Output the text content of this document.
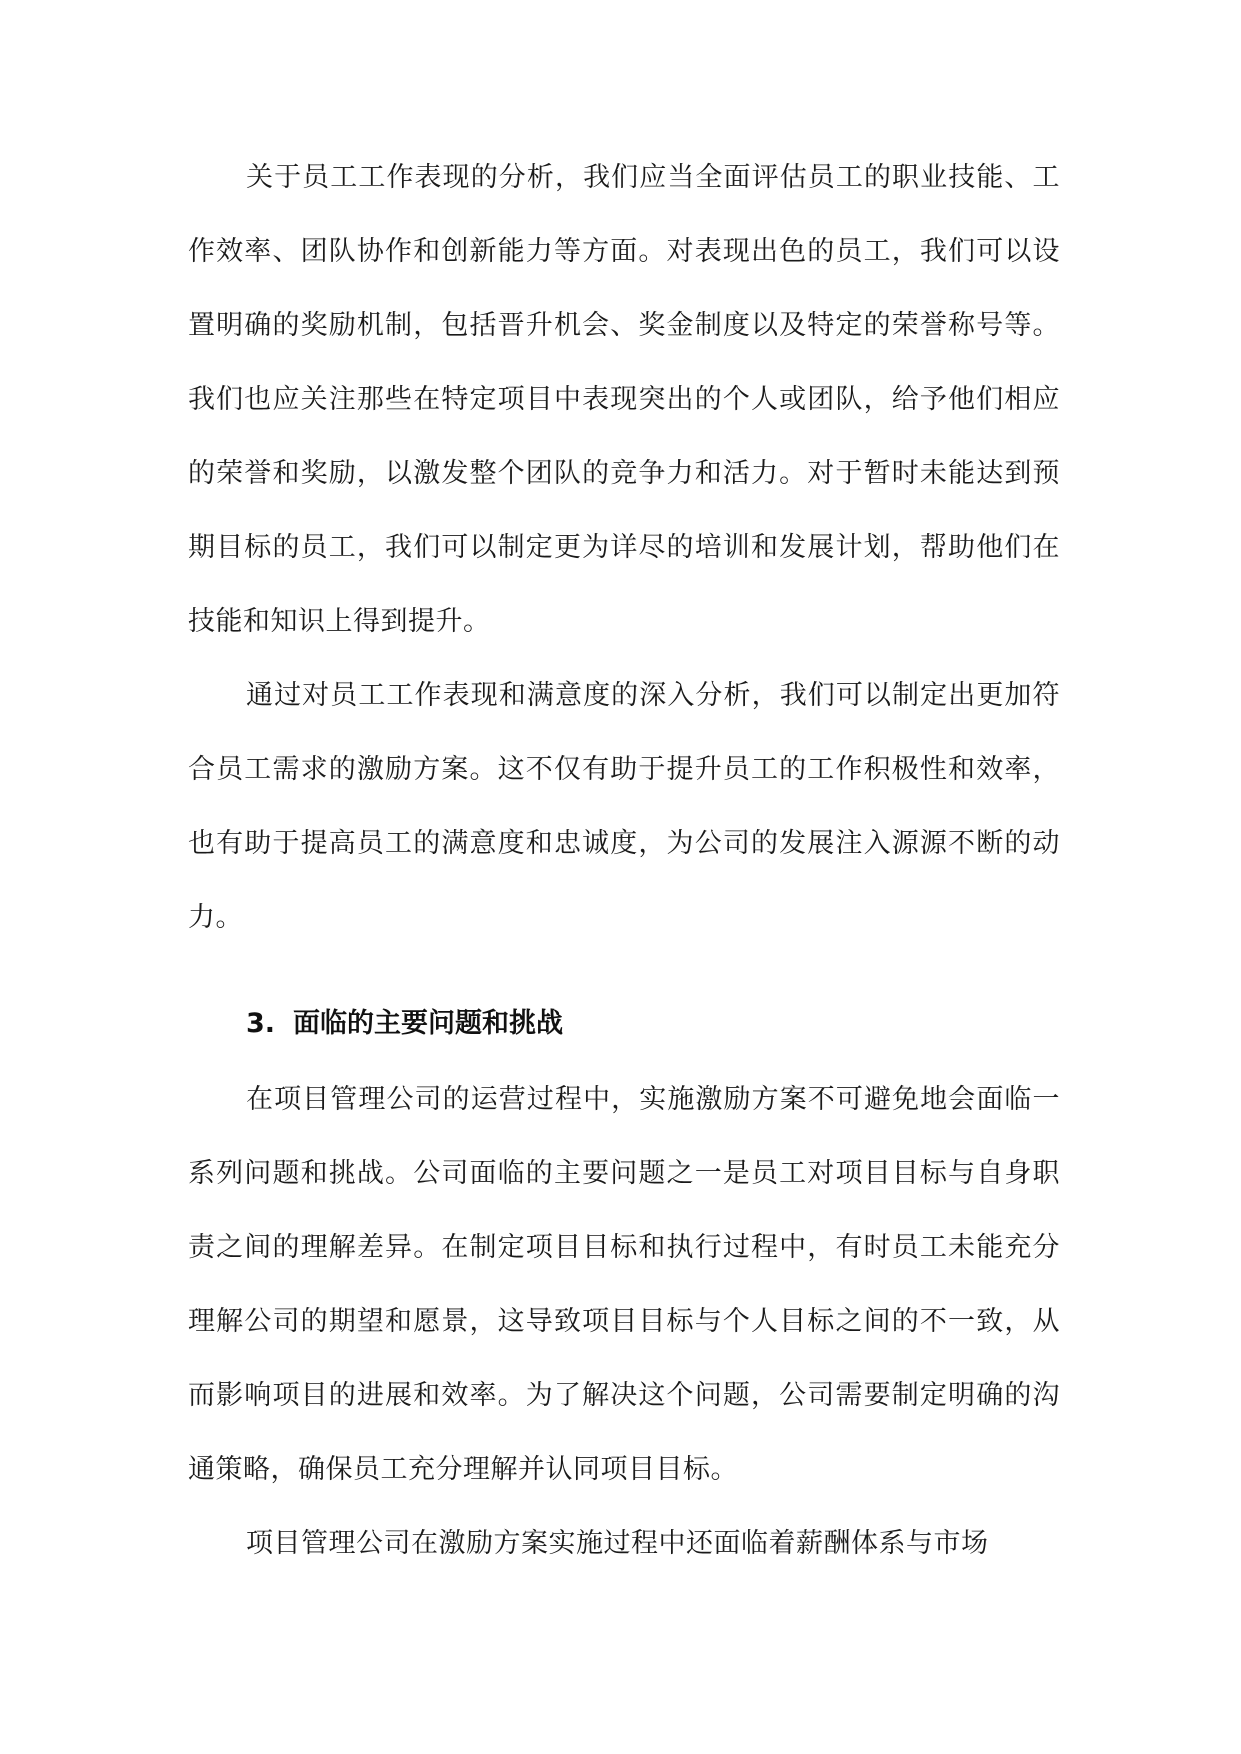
关于员工工作表现的分析，我们应当全面评估员工的职业技能、工作效率、团队协作和创新能力等方面。对表现出色的员工，我们可以设置明确的奖励机制，包括晋升机会、奖金制度以及特定的荣誉称号等。我们也应关注那些在特定项目中表现突出的个人或团队，给予他们相应的荣誉和奖励，以激发整个团队的竞争力和活力。对于暂时未能达到预期目标的员工，我们可以制定更为详尽的培训和发展计划，帮助他们在技能和知识上得到提升。

通过对员工工作表现和满意度的深入分析，我们可以制定出更加符合员工需求的激励方案。这不仅有助于提升员工的工作积极性和效率，也有助于提高员工的满意度和忠诚度，为公司的发展注入源源不断的动力。

3. 面临的主要问题和挑战

在项目管理公司的运营过程中，实施激励方案不可避免地会面临一系列问题和挑战。公司面临的主要问题之一是员工对项目目标与自身职责之间的理解差异。在制定项目目标和执行过程中，有时员工未能充分理解公司的期望和愿景，这导致项目目标与个人目标之间的不一致，从而影响项目的进展和效率。为了解决这个问题，公司需要制定明确的沟通策略，确保员工充分理解并认同项目目标。

项目管理公司在激励方案实施过程中还面临着薪酬体系与市场
